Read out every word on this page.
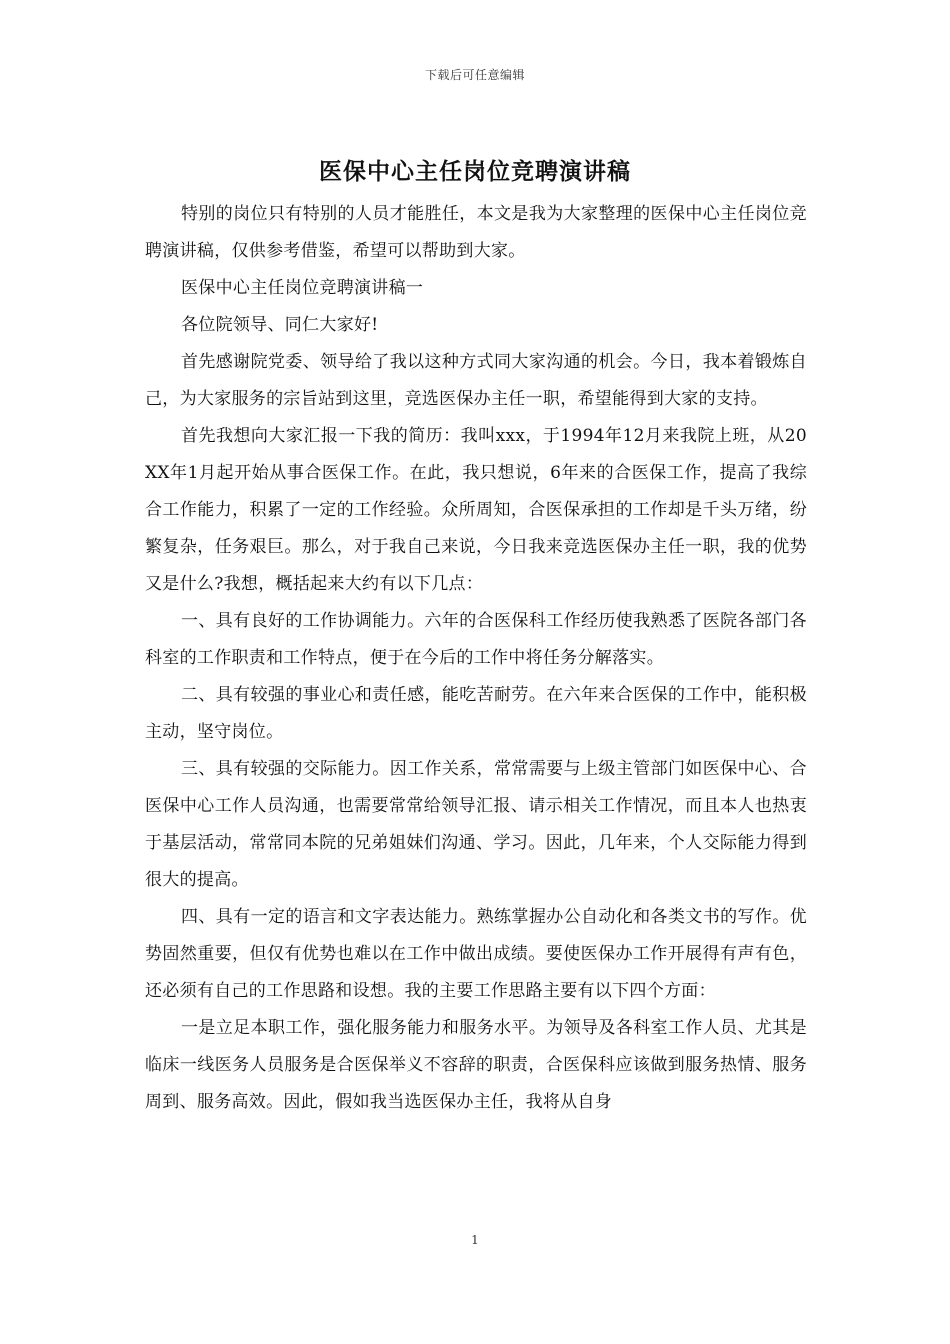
下载后可任意编辑
医保中心主任岗位竞聘演讲稿

特别的岗位只有特别的人员才能胜任，本文是我为大家整理的医保中心主任岗位竞聘演讲稿，仅供参考借鉴，希望可以帮助到大家。

医保中心主任岗位竞聘演讲稿一

各位院领导、同仁大家好!

首先感谢院党委、领导给了我以这种方式同大家沟通的机会。今日，我本着锻炼自己，为大家服务的宗旨站到这里，竞选医保办主任一职，希望能得到大家的支持。

首先我想向大家汇报一下我的简历：我叫xxx，于1994年12月来我院上班，从20XX年1月起开始从事合医保工作。在此，我只想说，6年来的合医保工作，提高了我综合工作能力，积累了一定的工作经验。众所周知，合医保承担的工作却是千头万绪，纷繁复杂，任务艰巨。那么，对于我自己来说，今日我来竞选医保办主任一职，我的优势又是什么?我想，概括起来大约有以下几点：

一、具有良好的工作协调能力。六年的合医保科工作经历使我熟悉了医院各部门各科室的工作职责和工作特点，便于在今后的工作中将任务分解落实。

二、具有较强的事业心和责任感，能吃苦耐劳。在六年来合医保的工作中，能积极主动，坚守岗位。

三、具有较强的交际能力。因工作关系，常常需要与上级主管部门如医保中心、合医保中心工作人员沟通，也需要常常给领导汇报、请示相关工作情况，而且本人也热衷于基层活动，常常同本院的兄弟姐妹们沟通、学习。因此，几年来，个人交际能力得到很大的提高。

四、具有一定的语言和文字表达能力。熟练掌握办公自动化和各类文书的写作。优势固然重要，但仅有优势也难以在工作中做出成绩。要使医保办工作开展得有声有色，还必须有自己的工作思路和设想。我的主要工作思路主要有以下四个方面：

一是立足本职工作，强化服务能力和服务水平。为领导及各科室工作人员、尤其是临床一线医务人员服务是合医保举义不容辞的职责，合医保科应该做到服务热情、服务周到、服务高效。因此，假如我当选医保办主任，我将从自身

1
